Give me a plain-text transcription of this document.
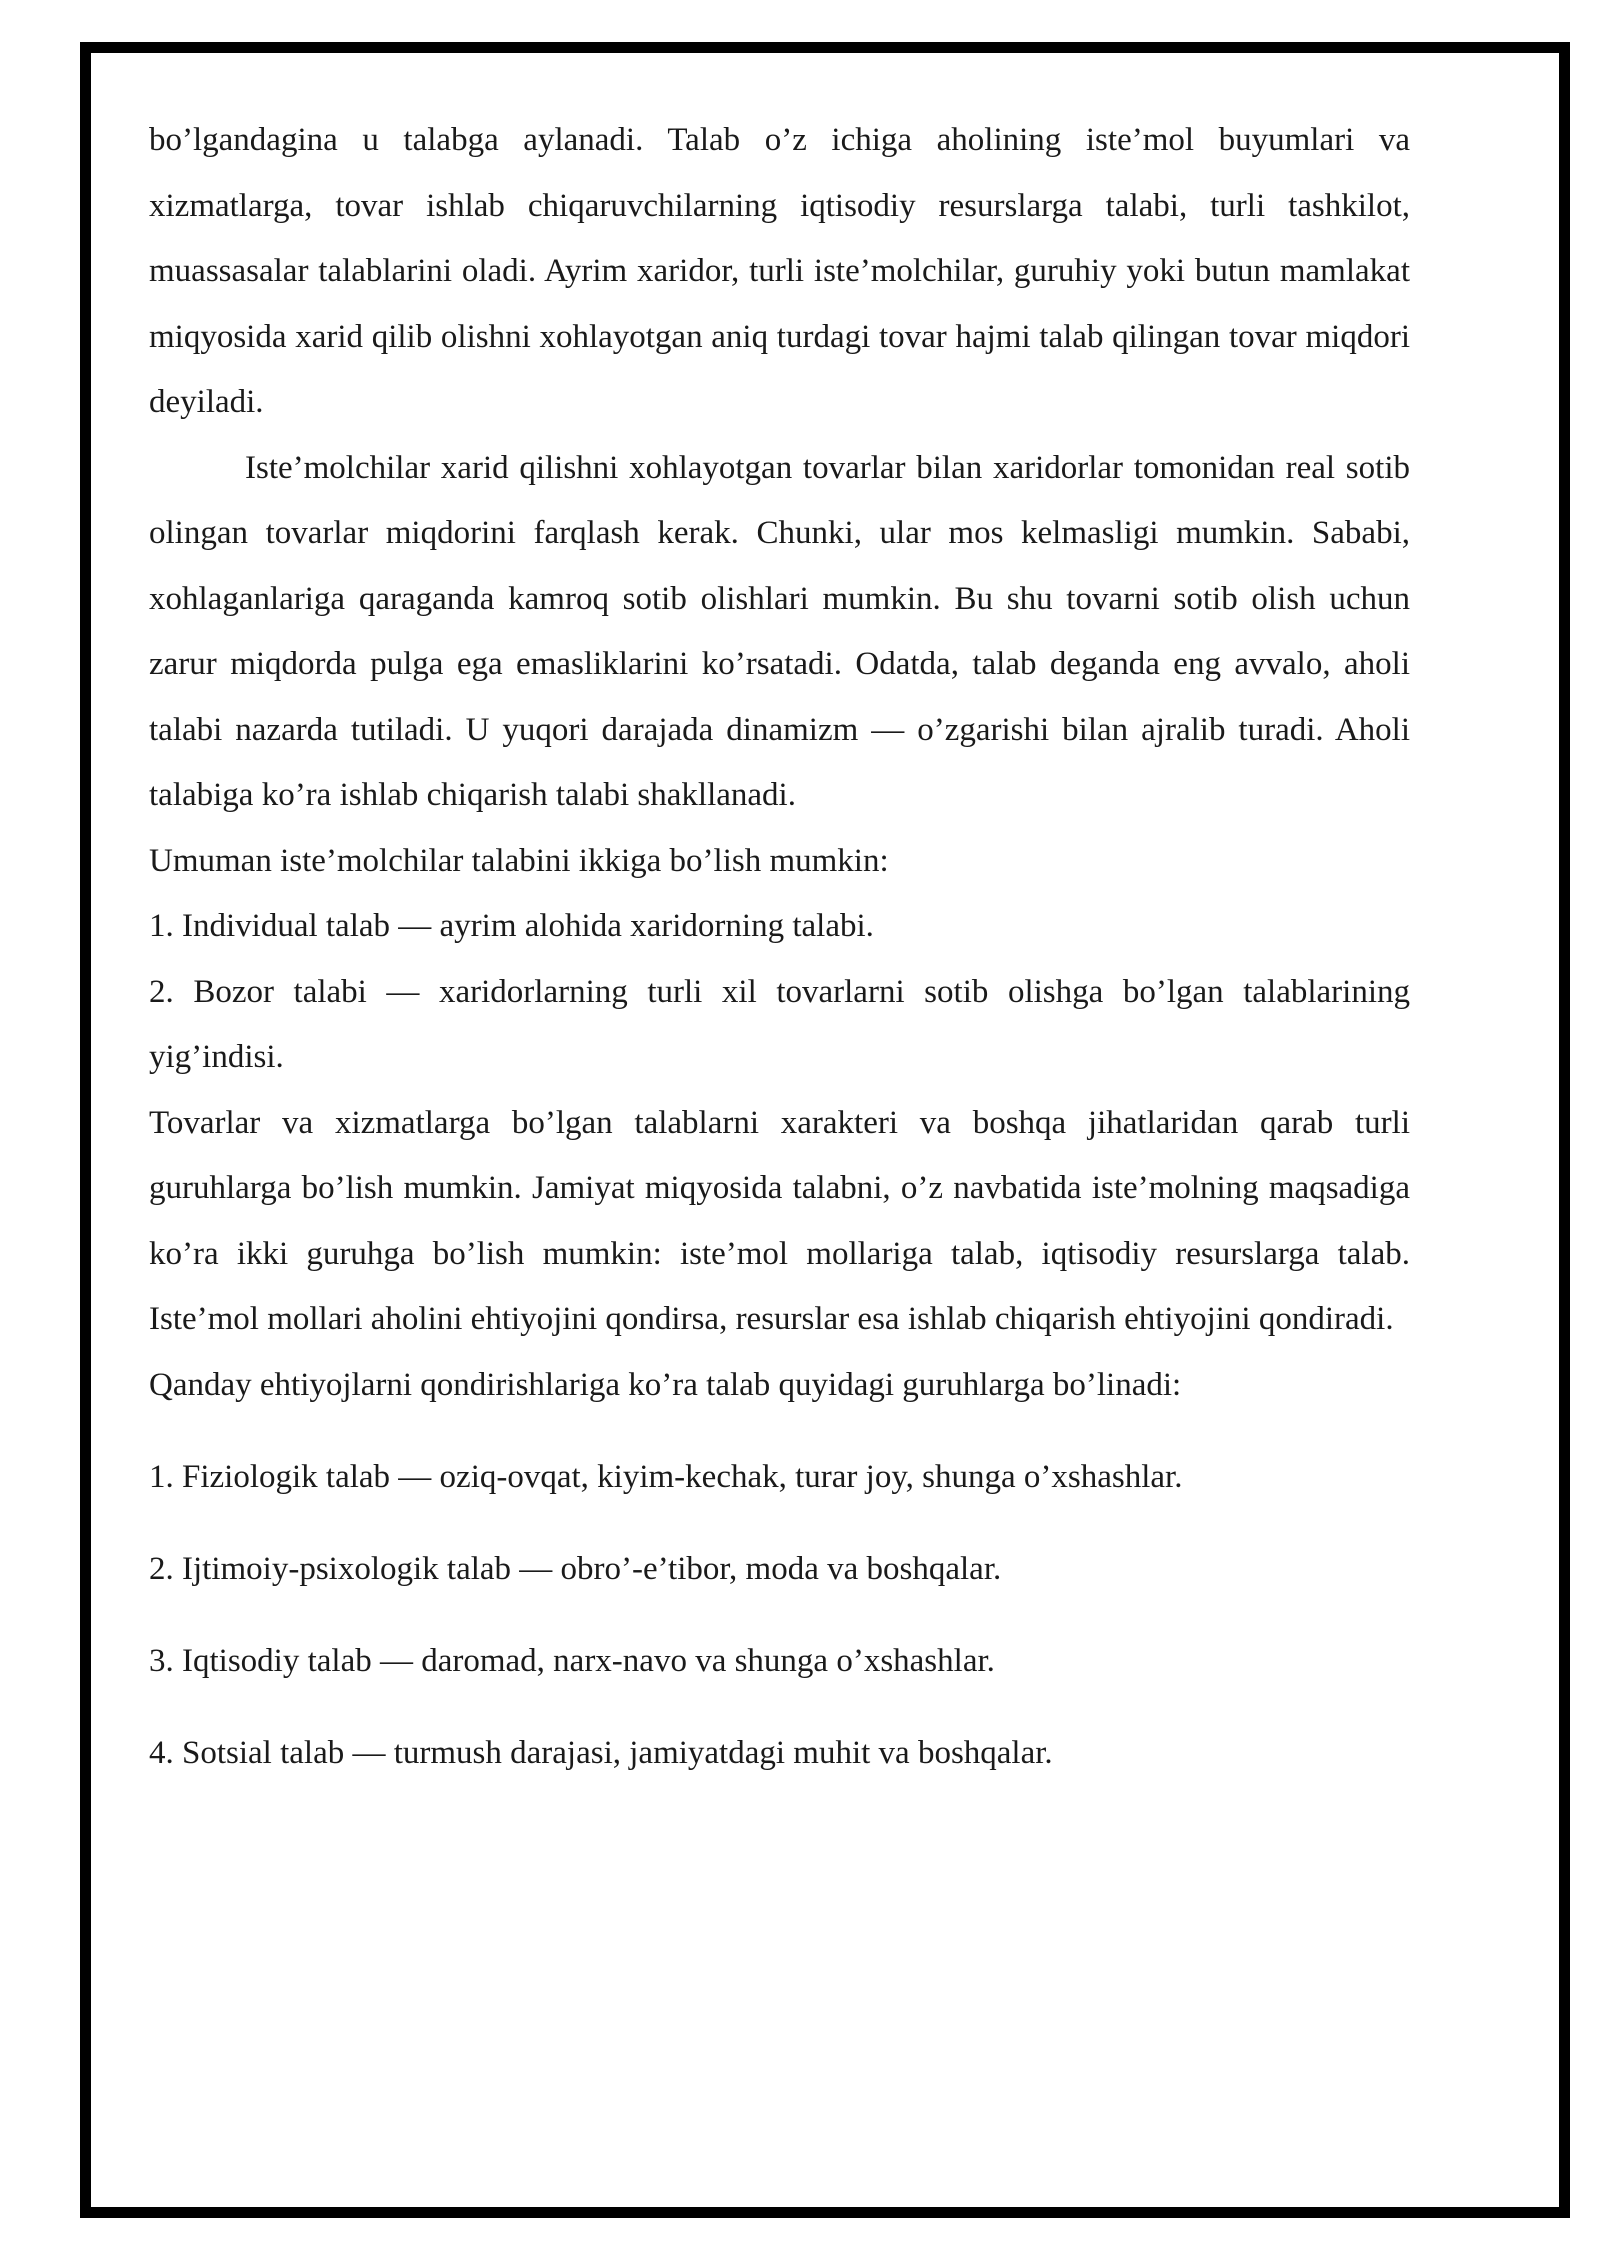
bo’lgandagina u talabga aylanadi. Talab o’z ichiga aholining iste’mol buyumlari va xizmatlarga, tovar ishlab chiqaruvchilarning iqtisodiy resurslarga talabi, turli tashkilot, muassasalar talablarini oladi. Ayrim xaridor, turli iste’molchilar, guruhiy yoki butun mamlakat miqyosida xarid qilib olishni xohlayotgan aniq turdagi tovar hajmi talab qilingan tovar miqdori deyiladi.

Iste’molchilar xarid qilishni xohlayotgan tovarlar bilan xaridorlar tomonidan real sotib olingan tovarlar miqdorini farqlash kerak. Chunki, ular mos kelmasligi mumkin. Sababi, xohlaganlariga qaraganda kamroq sotib olishlari mumkin. Bu shu tovarni sotib olish uchun zarur miqdorda pulga ega emasliklarini ko’rsatadi. Odatda, talab deganda eng avvalo, aholi talabi nazarda tutiladi. U yuqori darajada dinamizm — o’zgarishi bilan ajralib turadi. Aholi talabiga ko’ra ishlab chiqarish talabi shakllanadi.

Umuman iste’molchilar talabini ikkiga bo’lish mumkin:

1. Individual talab — ayrim alohida xaridorning talabi.

2. Bozor talabi — xaridorlarning turli xil tovarlarni sotib olishga bo’lgan talablarining yig’indisi.

Tovarlar va xizmatlarga bo’lgan talablarni xarakteri va boshqa jihatlaridan qarab turli guruhlarga bo’lish mumkin. Jamiyat miqyosida talabni, o’z navbatida iste’molning maqsadiga ko’ra ikki guruhga bo’lish mumkin: iste’mol mollariga talab, iqtisodiy resurslarga talab. Iste’mol mollari aholini ehtiyojini qondirsa, resurslar esa ishlab chiqarish ehtiyojini qondiradi.

Qanday ehtiyojlarni qondirishlariga ko’ra talab quyidagi guruhlarga bo’linadi:

1. Fiziologik talab — oziq-ovqat, kiyim-kechak, turar joy, shunga o’xshashlar.

2. Ijtimoiy-psixologik talab — obro’-e’tibor, moda va boshqalar.

3. Iqtisodiy talab — daromad, narx-navo va shunga o’xshashlar.

4. Sotsial talab — turmush darajasi, jamiyatdagi muhit va boshqalar.
